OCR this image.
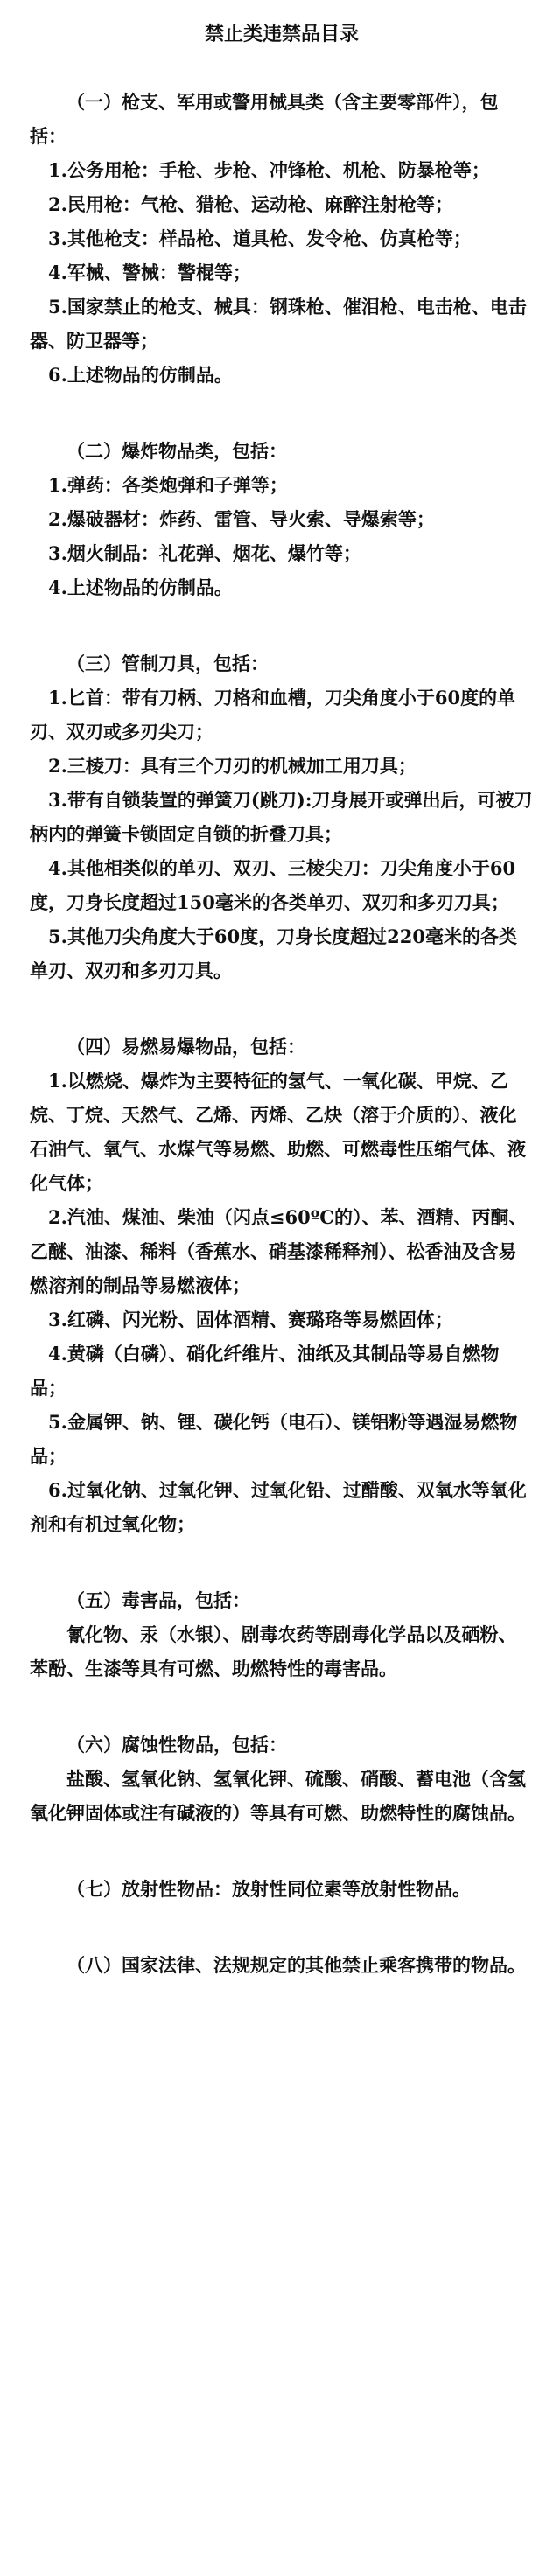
禁止类违禁品目录

（一）枪支、军用或警用械具类（含主要零部件），包括：

1.公务用枪：手枪、步枪、冲锋枪、机枪、防暴枪等；

2.民用枪：气枪、猎枪、运动枪、麻醉注射枪等；

3.其他枪支：样品枪、道具枪、发令枪、仿真枪等；

4.军械、警械：警棍等；

5.国家禁止的枪支、械具：钢珠枪、催泪枪、电击枪、电击器、防卫器等；

6.上述物品的仿制品。

（二）爆炸物品类，包括：

1.弹药：各类炮弹和子弹等；

2.爆破器材：炸药、雷管、导火索、导爆索等；

3.烟火制品：礼花弹、烟花、爆竹等；

4.上述物品的仿制品。

（三）管制刀具，包括：

1.匕首：带有刀柄、刀格和血槽，刀尖角度小于60度的单刃、双刃或多刃尖刀；

2.三棱刀：具有三个刀刃的机械加工用刀具；

3.带有自锁装置的弹簧刀(跳刀):刀身展开或弹出后，可被刀柄内的弹簧卡锁固定自锁的折叠刀具；

4.其他相类似的单刃、双刃、三棱尖刀：刀尖角度小于60度，刀身长度超过150毫米的各类单刃、双刃和多刃刀具；

5.其他刀尖角度大于60度，刀身长度超过220毫米的各类单刃、双刃和多刃刀具。

（四）易燃易爆物品，包括：

1.以燃烧、爆炸为主要特征的氢气、一氧化碳、甲烷、乙烷、丁烷、天然气、乙烯、丙烯、乙炔（溶于介质的）、液化石油气、氧气、水煤气等易燃、助燃、可燃毒性压缩气体、液化气体；

2.汽油、煤油、柴油（闪点≤60ºC的）、苯、酒精、丙酮、乙醚、油漆、稀料（香蕉水、硝基漆稀释剂）、松香油及含易燃溶剂的制品等易燃液体；

3.红磷、闪光粉、固体酒精、赛璐珞等易燃固体；

4.黄磷（白磷）、硝化纤维片、油纸及其制品等易自燃物品；

5.金属钾、钠、锂、碳化钙（电石）、镁铝粉等遇湿易燃物品；

6.过氧化钠、过氧化钾、过氧化铅、过醋酸、双氧水等氧化剂和有机过氧化物；

（五）毒害品，包括：

氰化物、汞（水银）、剧毒农药等剧毒化学品以及硒粉、苯酚、生漆等具有可燃、助燃特性的毒害品。

（六）腐蚀性物品，包括：

盐酸、氢氧化钠、氢氧化钾、硫酸、硝酸、蓄电池（含氢氧化钾固体或注有碱液的）等具有可燃、助燃特性的腐蚀品。

（七）放射性物品：放射性同位素等放射性物品。

（八）国家法律、法规规定的其他禁止乘客携带的物品。
